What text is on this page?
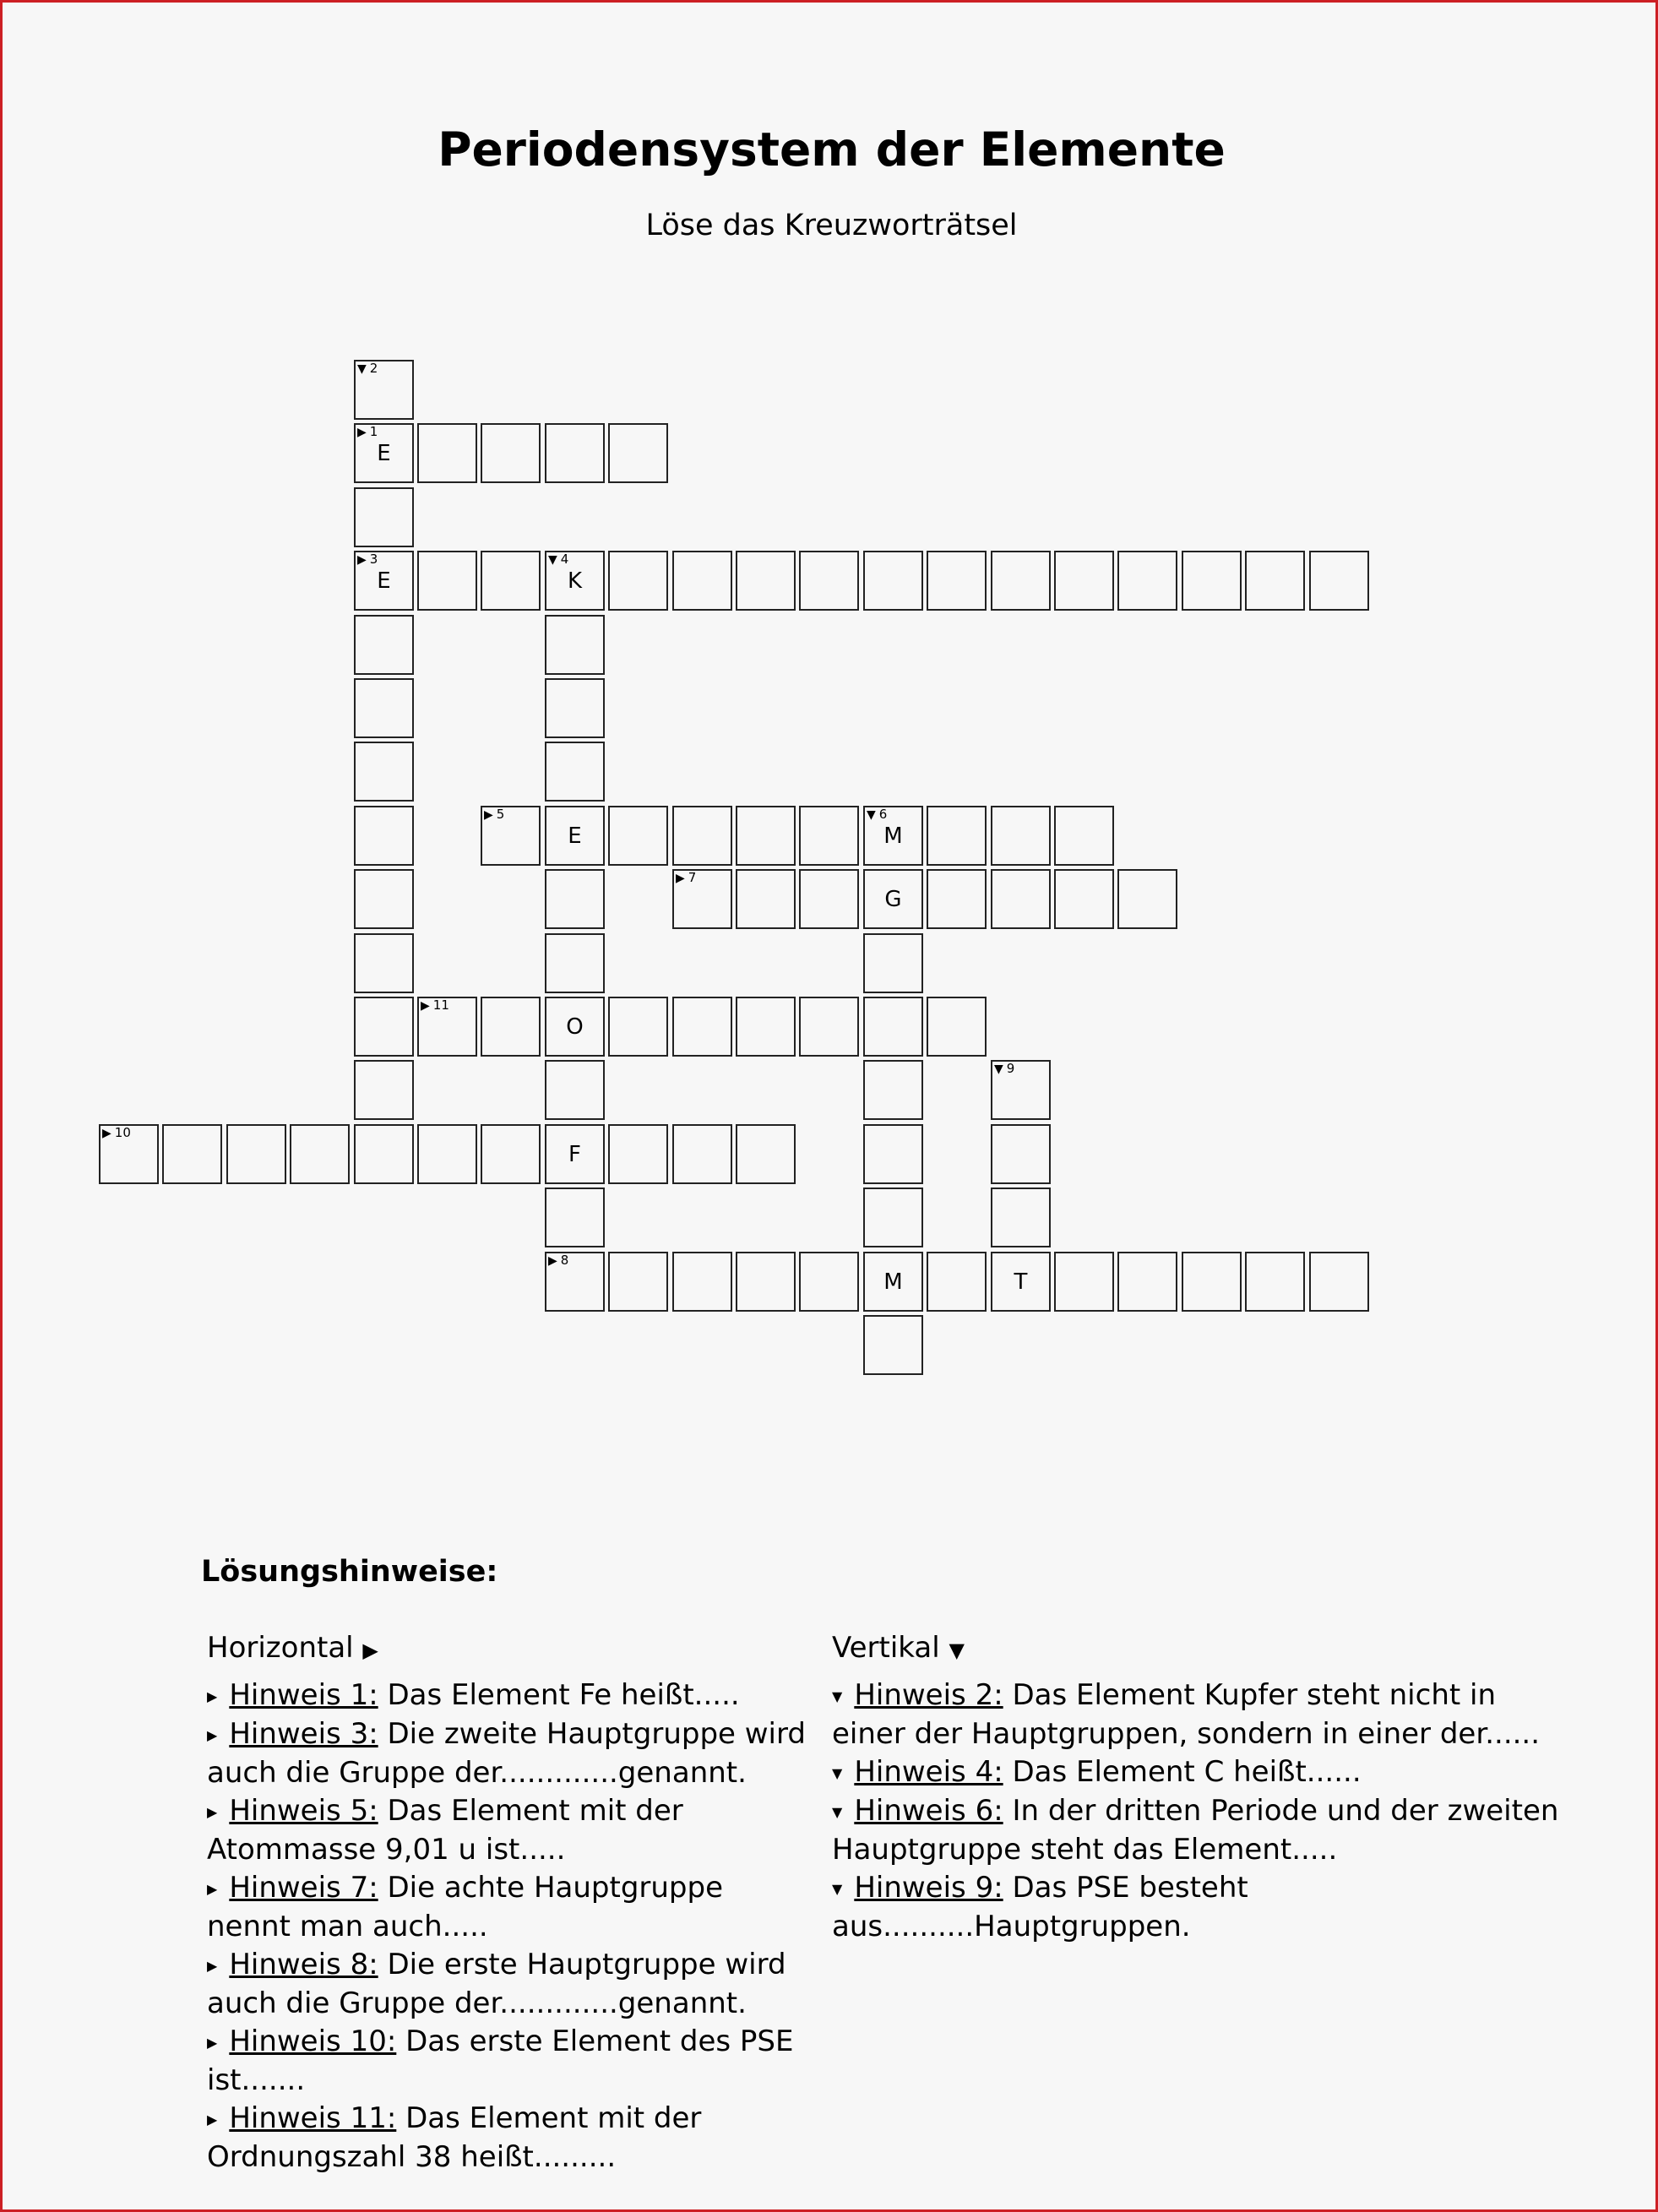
Periodensystem der Elemente
Löse das Kreuzworträtsel
E
▶ 1
E
▶ 3
K
▼ 4
E	M
▼ 6
▶ 7
G
▶ 11
O
▶ 10
F
▶ 8
M	T
▼ 2
▼ 9
▶ 5
Lösungshinweise:
Horizontal ▶
▶ Hinweis 1: Das Element Fe heißt.....
▶ Hinweis 3: Die zweite Hauptgruppe wird auch die Gruppe der.............genannt.
▶ Hinweis 5: Das Element mit der Atommasse 9,01 u ist.....
▶ Hinweis 7: Die achte Hauptgruppe nennt man auch.....
▶ Hinweis 8: Die erste Hauptgruppe wird auch die Gruppe der.............genannt.
▶ Hinweis 10: Das erste Element des PSE ist.......
▶ Hinweis 11: Das Element mit der Ordnungszahl 38 heißt.........
Vertikal ▼
▼ Hinweis 2: Das Element Kupfer steht nicht in einer der Hauptgruppen, sondern in einer der......
▼ Hinweis 4: Das Element C heißt......
▼ Hinweis 6: In der dritten Periode und der zweiten Hauptgruppe steht das Element.....
▼ Hinweis 9: Das PSE besteht aus..........Hauptgruppen.
